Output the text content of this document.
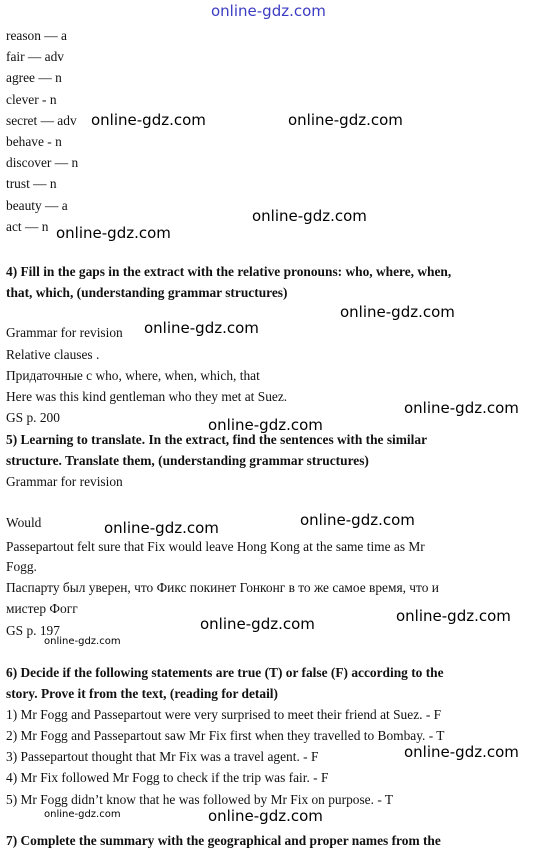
online-gdz.com
reason — a
fair — adv
agree — n
clever - n
secret — adv
behave - n
discover — n
trust — n
beauty — a
act — n
4) Fill in the gaps in the extract with the relative pronouns: who, where, when,
that, which, (understanding grammar structures)
Grammar for revision
Relative clauses .
Придаточные с who, where, when, which, that
Here was this kind gentleman who they met at Suez.
GS p. 200
5) Learning to translate. In the extract, find the sentences with the similar
structure. Translate them, (understanding grammar structures)
Grammar for revision
Would
Passepartout felt sure that Fix would leave Hong Kong at the same time as Mr
Fogg.
Паспарту был уверен, что Фикс покинет Гонконг в то же самое время, что и
мистер Фогг
GS p. 197
6) Decide if the following statements are true (T) or false (F) according to the
story. Prove it from the text, (reading for detail)
1) Mr Fogg and Passepartout were very surprised to meet their friend at Suez. - F
2) Mr Fogg and Passepartout saw Mr Fix first when they travelled to Bombay. - T
3) Passepartout thought that Mr Fix was a travel agent. - F
4) Mr Fix followed Mr Fogg to check if the trip was fair. - F
5) Mr Fogg didn’t know that he was followed by Mr Fix on purpose. - T
7) Complete the summary with the geographical and proper names from the
online-gdz.com	online-gdz.com
online-gdz.com
online-gdz.com
online-gdz.com
online-gdz.com
online-gdz.com
online-gdz.com
online-gdz.com	online-gdz.com
online-gdz.com	online-gdz.com
online-gdz.com
online-gdz.com
online-gdz.com	online-gdz.com
